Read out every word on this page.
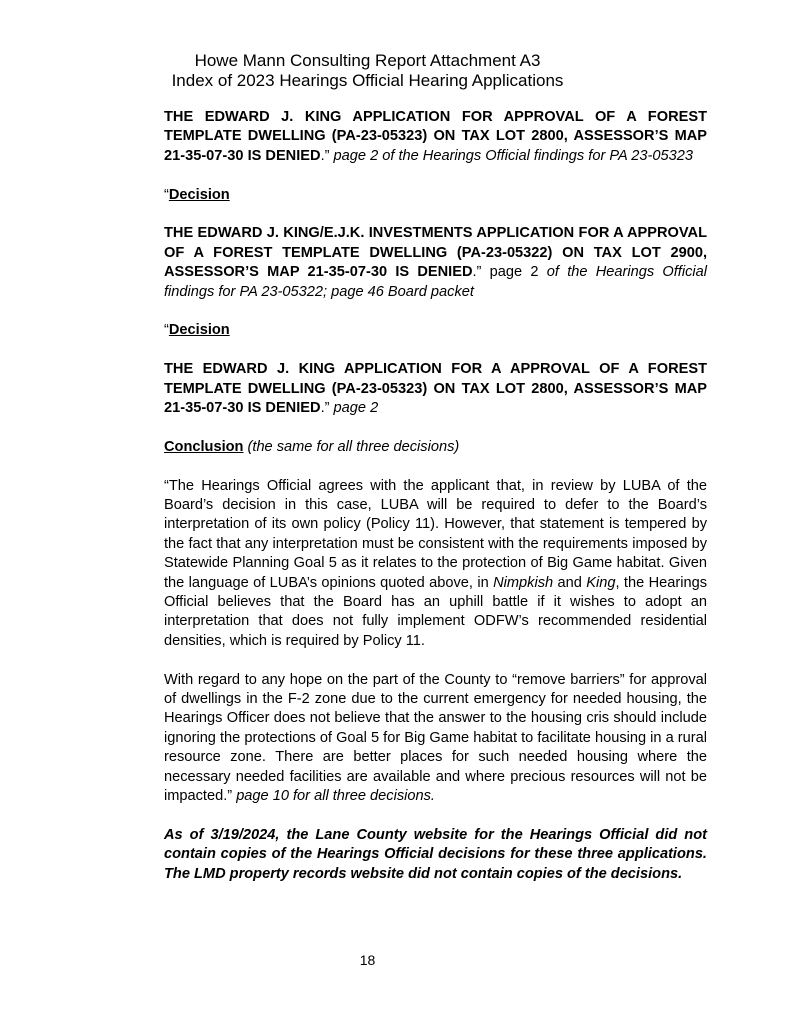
Howe Mann Consulting Report Attachment A3
Index of 2023 Hearings Official Hearing Applications

THE EDWARD J. KING APPLICATION FOR APPROVAL OF A FOREST TEMPLATE DWELLING (PA-23-05323) ON TAX LOT 2800, ASSESSOR’S MAP 21-35-07-30 IS DENIED.” page 2 of the Hearings Official findings for PA 23-05323

“Decision

THE EDWARD J. KING/E.J.K. INVESTMENTS APPLICATION FOR A APPROVAL OF A FOREST TEMPLATE DWELLING (PA-23-05322) ON TAX LOT 2900, ASSESSOR’S MAP 21-35-07-30 IS DENIED.” page 2 of the Hearings Official findings for PA 23-05322; page 46 Board packet

“Decision

THE EDWARD J. KING APPLICATION FOR A APPROVAL OF A FOREST TEMPLATE DWELLING (PA-23-05323) ON TAX LOT 2800, ASSESSOR’S MAP 21-35-07-30 IS DENIED.” page 2

Conclusion (the same for all three decisions)

“The Hearings Official agrees with the applicant that, in review by LUBA of the Board’s decision in this case, LUBA will be required to defer to the Board’s interpretation of its own policy (Policy 11). However, that statement is tempered by the fact that any interpretation must be consistent with the requirements imposed by Statewide Planning Goal 5 as it relates to the protection of Big Game habitat. Given the language of LUBA’s opinions quoted above, in Nimpkish and King, the Hearings Official believes that the Board has an uphill battle if it wishes to adopt an interpretation that does not fully implement ODFW’s recommended residential densities, which is required by Policy 11.

With regard to any hope on the part of the County to “remove barriers” for approval of dwellings in the F-2 zone due to the current emergency for needed housing, the Hearings Officer does not believe that the answer to the housing cris should include ignoring the protections of Goal 5 for Big Game habitat to facilitate housing in a rural resource zone. There are better places for such needed housing where the necessary needed facilities are available and where precious resources will not be impacted.” page 10 for all three decisions.

As of 3/19/2024, the Lane County website for the Hearings Official did not contain copies of the Hearings Official decisions for these three applications. The LMD property records website did not contain copies of the decisions.

18
